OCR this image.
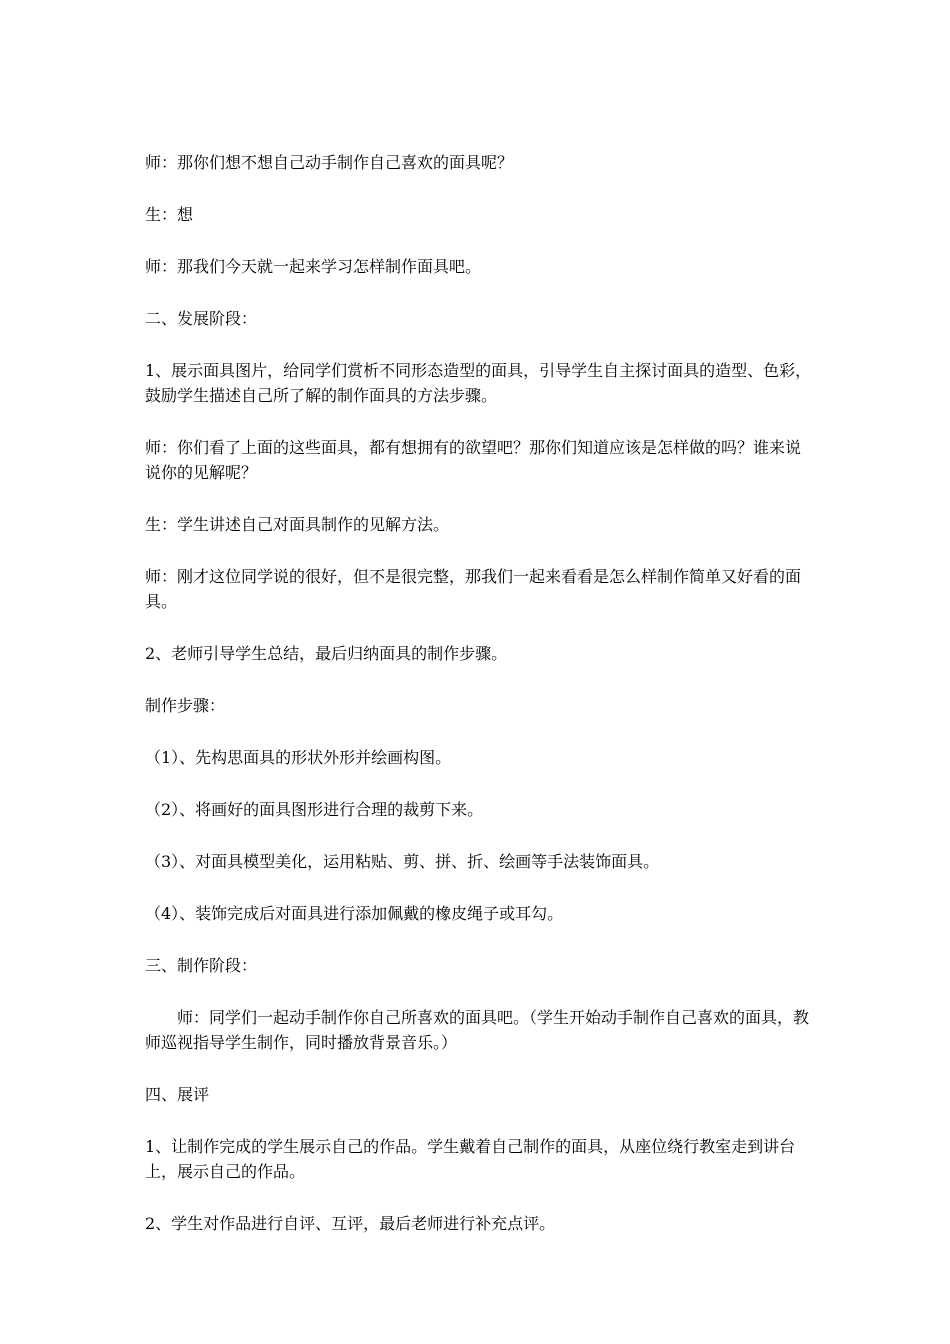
师：那你们想不想自己动手制作自己喜欢的面具呢？

生：想

师：那我们今天就一起来学习怎样制作面具吧。

二、发展阶段：

1、展示面具图片，给同学们赏析不同形态造型的面具，引导学生自主探讨面具的造型、色彩，鼓励学生描述自己所了解的制作面具的方法步骤。

师：你们看了上面的这些面具，都有想拥有的欲望吧？那你们知道应该是怎样做的吗？谁来说说你的见解呢？

生：学生讲述自己对面具制作的见解方法。

师：刚才这位同学说的很好，但不是很完整，那我们一起来看看是怎么样制作简单又好看的面具。

2、老师引导学生总结，最后归纳面具的制作步骤。

制作步骤：

（1）、先构思面具的形状外形并绘画构图。

（2）、将画好的面具图形进行合理的裁剪下来。

（3）、对面具模型美化，运用粘贴、剪、拼、折、绘画等手法装饰面具。

（4）、装饰完成后对面具进行添加佩戴的橡皮绳子或耳勾。

三、制作阶段：

师：同学们一起动手制作你自己所喜欢的面具吧。（学生开始动手制作自己喜欢的面具，教师巡视指导学生制作，同时播放背景音乐。）

四、展评

1、让制作完成的学生展示自己的作品。学生戴着自己制作的面具，从座位绕行教室走到讲台上，展示自己的作品。

2、学生对作品进行自评、互评，最后老师进行补充点评。
